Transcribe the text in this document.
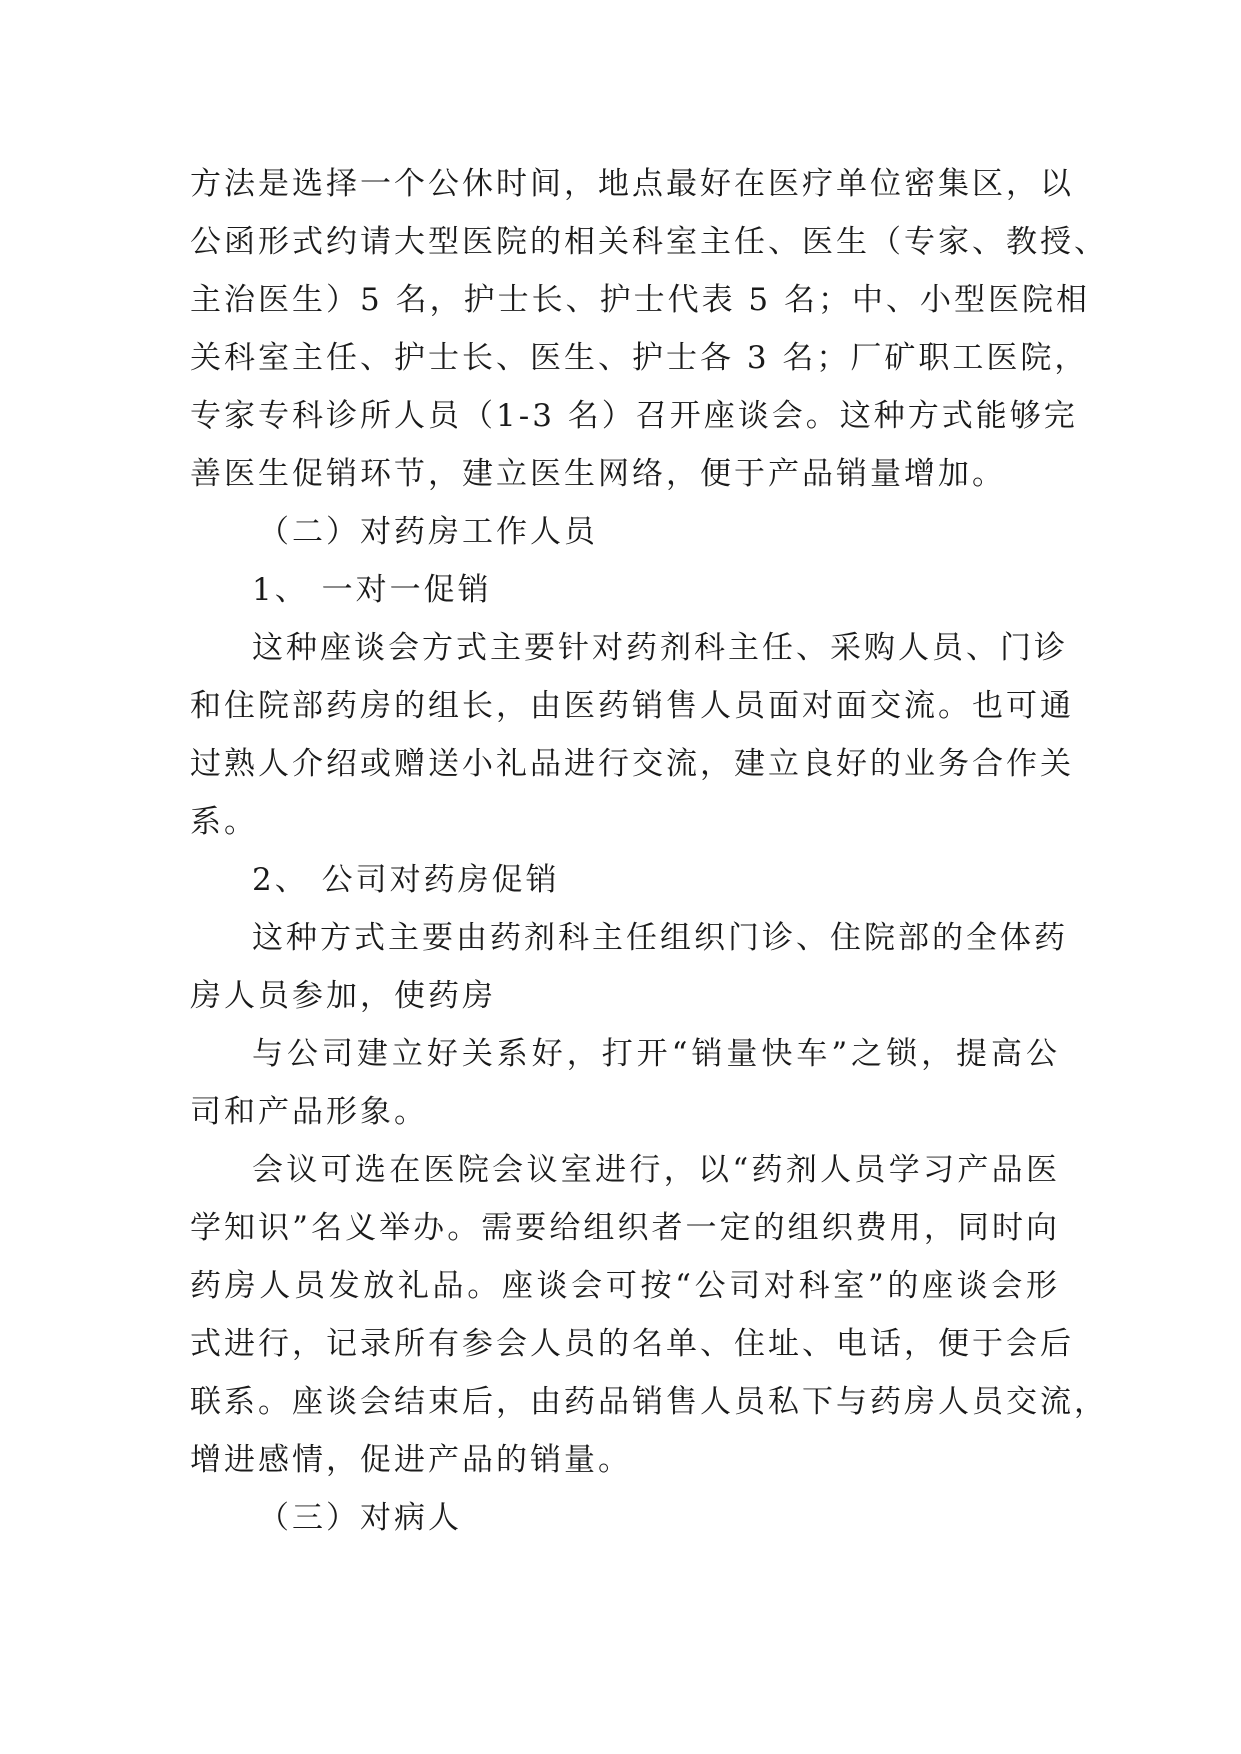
方法是选择一个公休时间，地点最好在医疗单位密集区，以
公函形式约请大型医院的相关科室主任、医生（专家、教授、
主治医生）5 名，护士长、护士代表 5 名；中、小型医院相
关科室主任、护士长、医生、护士各 3 名；厂矿职工医院，
专家专科诊所人员（1-3 名）召开座谈会。这种方式能够完
善医生促销环节，建立医生网络，便于产品销量增加。
（二）对药房工作人员
1、 一对一促销
这种座谈会方式主要针对药剂科主任、采购人员、门诊
和住院部药房的组长，由医药销售人员面对面交流。也可通
过熟人介绍或赠送小礼品进行交流，建立良好的业务合作关
系。
2、 公司对药房促销
这种方式主要由药剂科主任组织门诊、住院部的全体药
房人员参加，使药房
与公司建立好关系好，打开“销量快车”之锁，提高公
司和产品形象。
会议可选在医院会议室进行，以“药剂人员学习产品医
学知识”名义举办。需要给组织者一定的组织费用，同时向
药房人员发放礼品。座谈会可按“公司对科室”的座谈会形
式进行，记录所有参会人员的名单、住址、电话，便于会后
联系。座谈会结束后，由药品销售人员私下与药房人员交流，
增进感情，促进产品的销量。
（三）对病人
